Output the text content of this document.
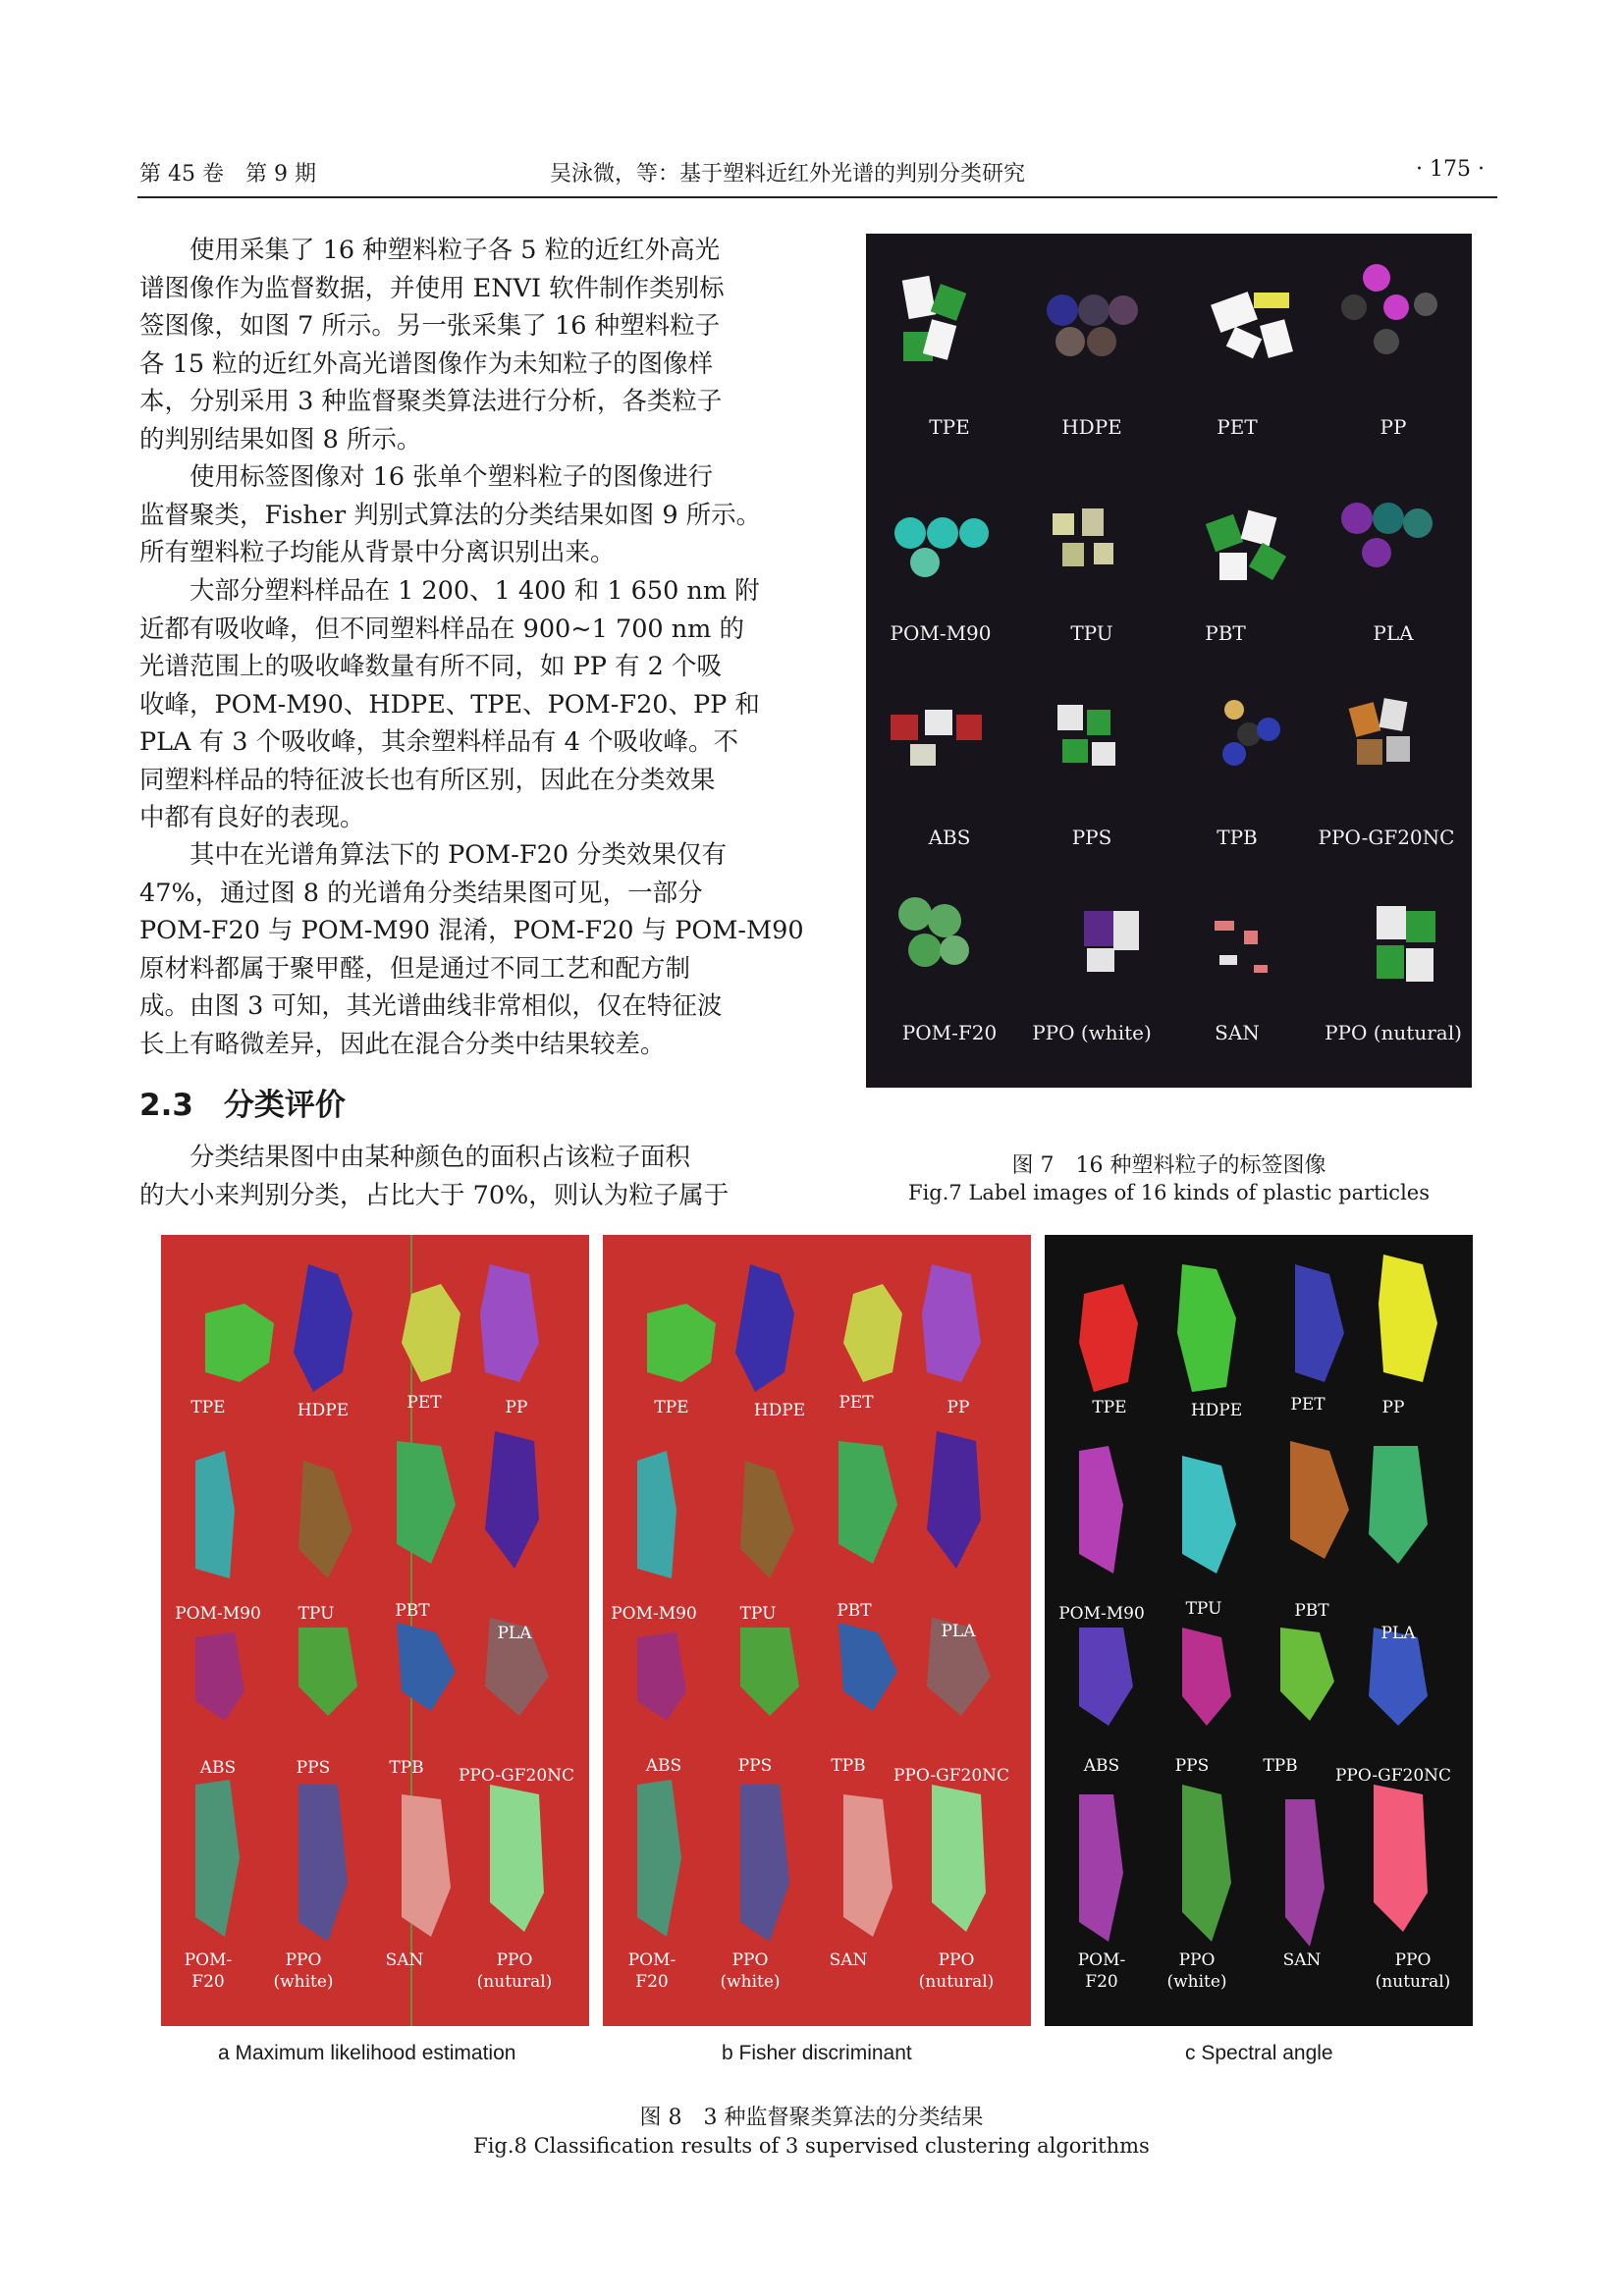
第 45 卷　第 9 期	吴泳微，等：基于塑料近红外光谱的判别分类研究	· 175 ·
　　使用采集了 16 种塑料粒子各 5 粒的近红外高光
谱图像作为监督数据，并使用 ENVI 软件制作类别标
签图像，如图 7 所示。另一张采集了 16 种塑料粒子
各 15 粒的近红外高光谱图像作为未知粒子的图像样
本，分别采用 3 种监督聚类算法进行分析，各类粒子
的判别结果如图 8 所示。
　　使用标签图像对 16 张单个塑料粒子的图像进行
监督聚类，Fisher 判别式算法的分类结果如图 9 所示。
所有塑料粒子均能从背景中分离识别出来。
　　大部分塑料样品在 1 200、1 400 和 1 650 nm 附
近都有吸收峰，但不同塑料样品在 900~1 700 nm 的
光谱范围上的吸收峰数量有所不同，如 PP 有 2 个吸
收峰，POM-M90、HDPE、TPE、POM-F20、PP 和
PLA 有 3 个吸收峰，其余塑料样品有 4 个吸收峰。不
同塑料样品的特征波长也有所区别，因此在分类效果
中都有良好的表现。
　　其中在光谱角算法下的 POM-F20 分类效果仅有
47%，通过图 8 的光谱角分类结果图可见，一部分
POM-F20 与 POM-M90 混淆，POM-F20 与 POM-M90
原材料都属于聚甲醛，但是通过不同工艺和配方制
成。由图 3 可知，其光谱曲线非常相似，仅在特征波
长上有略微差异，因此在混合分类中结果较差。
2.3　分类评价
　　分类结果图中由某种颜色的面积占该粒子面积
的大小来判别分类，占比大于 70%，则认为粒子属于
TPE	HDPE	PET	PP
POM-M90	TPU	PBT	PLA
ABS	PPS	TPB	PPO-GF20NC
POM-F20	PPO (white)	SAN	PPO (nutural)
图 7　16 种塑料粒子的标签图像
Fig.7 Label images of 16 kinds of plastic particles
TPE	HDPE	PET	PP
POM-M90	TPU	PBT
PLA
ABS	PPS	TPB	PPO-GF20NC
POM-
F20
PPO
(white)
SAN	PPO
(nutural)
TPE	HDPE	PET	PP
POM-M90	TPU	PBT
PLA
ABS	PPS	TPB	PPO-GF20NC
POM-
F20
PPO
(white)
SAN	PPO
(nutural)
TPE	HDPE	PET	PP
POM-M90	TPU	PBT
PLA
ABS	PPS	TPB	PPO-GF20NC
POM-
F20
PPO
(white)
SAN	PPO
(nutural)
a Maximum likelihood estimation	b Fisher discriminant	c Spectral angle
图 8　3 种监督聚类算法的分类结果
Fig.8 Classification results of 3 supervised clustering algorithms
